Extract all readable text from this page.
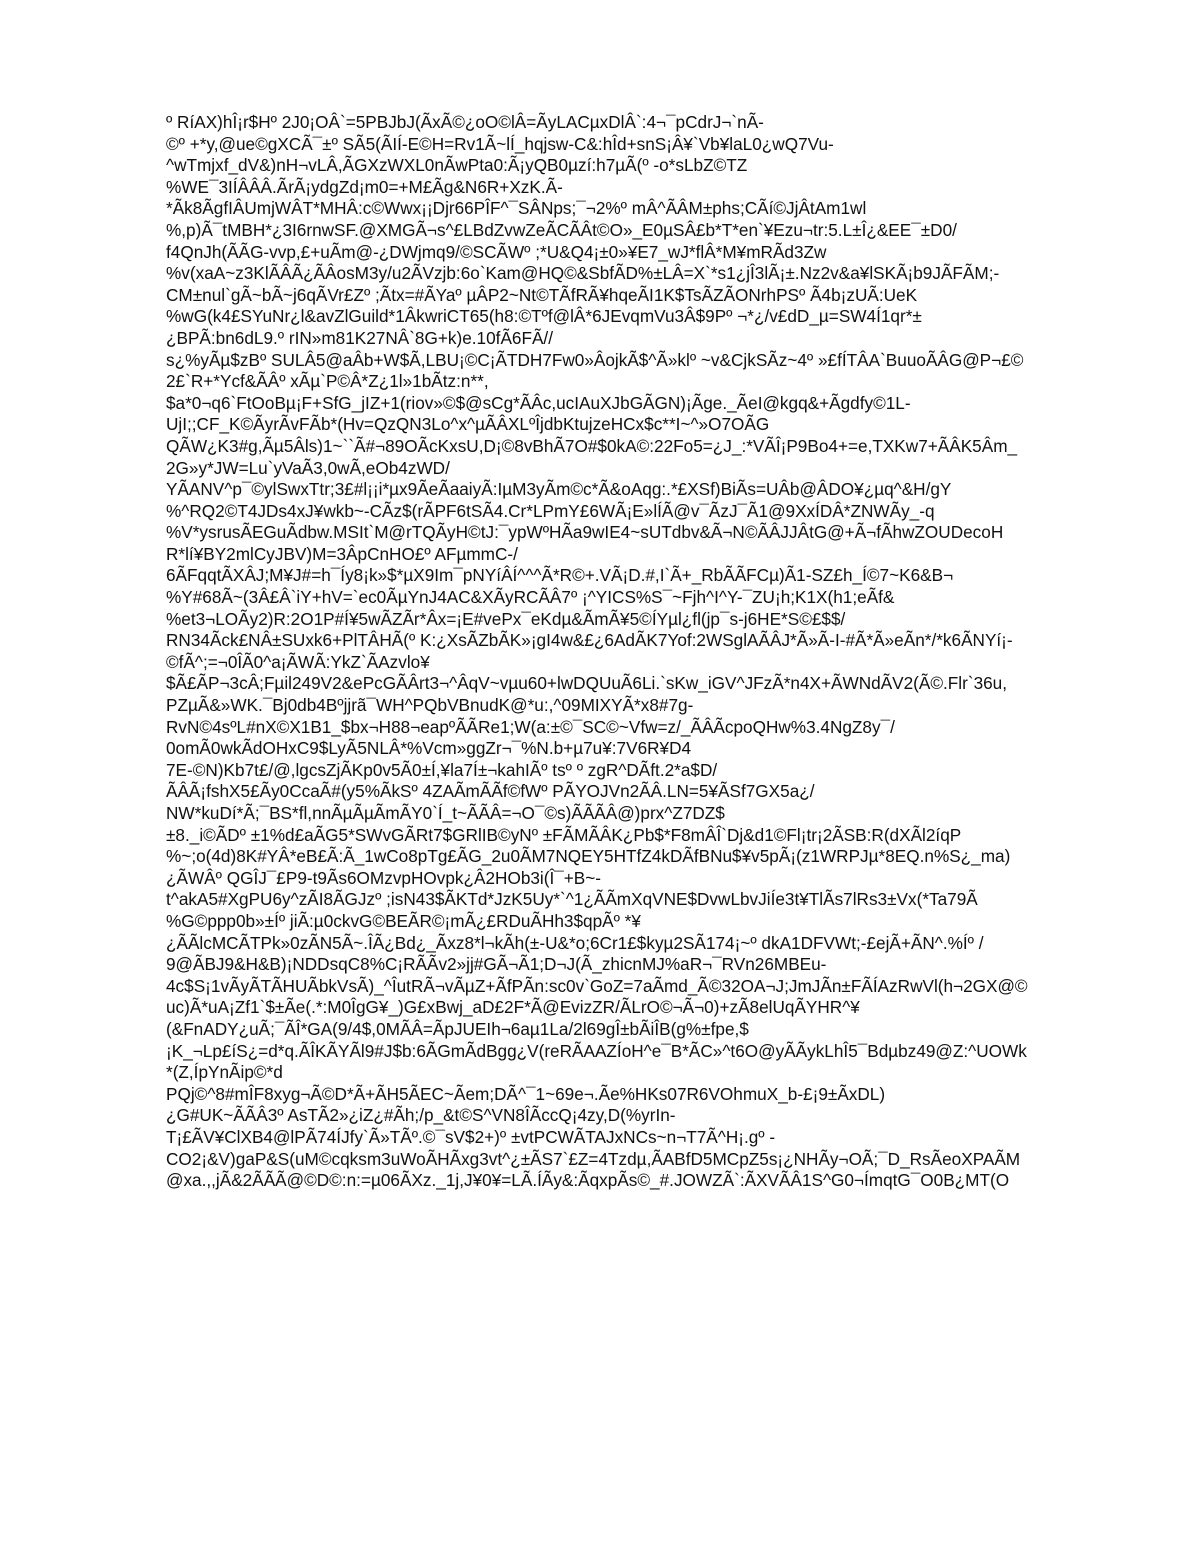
º RíAX)hÎ¡r$Hº 2J0¡OÂ`=5PBJbJ(ÃxÃ©¿oO©lÂ=ÃyLACµxDlÂ`:4¬¯pCdrJ¬`nÃ-
©º +*y,@ue©gXCÃ¯±º SÃ5(ÃIÍ-E©H=Rv1Ã~lÍ_hqjsw-C&:hÎd+snS¡Â¥`Vb¥laL0¿wQ7Vu-
^wTmjxf_dV&)nH¬vLÂ,ÃGXzWXL0nÃwPta0:Ã¡yQB0µzí:h7µÃ(º -o*sLbZ©TZ
%WE¯3IÍÂÂÂ.ÃrÃ¡ydgZd¡m0=+M£Ãg&N6R+XzK.Ã-
*Ãk8ÃgfIÂUmjWÂT*MHÂ:c©Wwx¡¡Djr66PÎF^¯SÂNps;¯¬2%º mÂ^ÃÂM±phs;CÃí©JjÂtAm1wl
%,p)Ã¯tMBH*¿3I6rnwSF.@XMGÃ¬s^£LBdZvwZeÃCÃÂt©O»_E0µSÂ£b*T*en`¥Ezu¬tr:5.L±Î¿&EE¯±D0/
f4QnJh(ÃÃG-vvp,£+uÃm@-¿DWjmq9/©SCÃWº ;*U&Q4¡±0»¥E7_wJ*flÂ*M¥mRÃd3Zw
%v(xaA~z3KlÃÂÃ¿ÃÂosM3y/u2ÃVzjb:6o`Kam@HQ©&SbfÃD%±LÂ=X`*s1¿jÎ3lÃ¡±.Nz2v&a¥lSKÃ¡b9JÃFÃM;-
CM±nul`gÃ~bÃ~j6qÃVr£Zº ;Ãtx=#ÃYaº µÂP2~Nt©TÃfRÃ¥hqeÃI1K$TsÃZÃONrhPSº Ã4b¡zUÃ:UeK
%wG(k4£SYuNr¿l&avZlGuild*1ÂkwriCT65(h8:©Tºf@lÂ*6JEvqmVu3Â$9Pº ¬*¿/v£dD_µ=SW4Í1qr*±
¿BPÃ:bn6dL9.º rIN»m81K27NÂ`8G+k)e.10fÃ6FÃ//
s¿%yÃµ$zBº SULÂ5@aÂb+W$Ã,LBU¡©C¡ÃTDH7Fw0»ÂojkÃ$^Ã»klº ~v&CjkSÃz~4º »£fÍTÂA`BuuoÃÂG@P¬£©
2£`R+*Ycf&ÃÂº xÃµ`P©Â*Z¿1l»1bÃtz:n**,
$a*0¬q6`FtOoBµ¡F+SfG_jIZ+1(riov»©$@sCg*ÃÂc,ucIAuXJbGÃGN)¡Ãge._ÃeI@kgq&+Ãgdfy©1L-
UjI;;CF_K©ÃyrÃvFÃb*(Hv=QzQN3Lo^x^µÃÂXLºÎjdbKtujzeHCx$c**I~^»O7OÃG
QÃW¿K3#g,Ãµ5Âls)1~``Ã#¬89OÃcKxsU,D¡©8vBhÃ7O#$0kA©:22Fo5=¿J_:*VÃÎ¡P9Bo4+=e,TXKw7+ÃÂK5Âm_
2G»y*JW=Lu`yVaÃ3,0wÃ,eOb4zWD/
YÃANV^p¯©ylSwxTtr;3£#l¡¡i*µx9ÃeÃaaiyÃ:IµM3yÃm©c*Ã&oAqg:.*£XSf)BiÃs=UÂb@ÂDO¥¿µq^&H/gY
%^RQ2©T4JDs4xJ¥wkb~-CÃz$(rÃPF6tSÃ4.Cr*LPmY£6WÃ¡E»lÍÃ@v¯ÃzJ¯Ã1@9XxÍDÂ*ZNWÃy_-q
%V*ysrusÃEGuÃdbw.MSIt`M@rTQÃyH©tJ:¯ypWºHÃa9wIE4~sUTdbv&Ã¬N©ÃÂJJÂtG@+Ã¬fÃhwZOUDecoH
R*lí¥BY2mlCyJBV)M=3ÂpCnHO£º AFµmmC-/
6ÃFqqtÃXÂJ;M¥J#=h¯Íy8¡k»$*µX9Im¯pNYíÂÍ^^^Ã*R©+.VÃ¡D.#,I`Ã+_RbÃÃFCµ)Ã1-SZ£h_Í©7~K6&B¬
%Y#68Ã~(3Â£Â`iY+hV=`ec0ÃµYnJ4AC&XÃyRCÃÂ7º ¡^YICS%S¯~Fjh^I^Y-¯ZU¡h;K1X(h1;eÃf&
%et3¬LOÃy2)R:2O1P#Í¥5wÃZÃr*Âx=¡E#vePx¯eKdµ&ÃmÃ¥5©ÍYµl¿fl(jp¯s-j6HE*S©£$$/
RN34Ãck£NÂ±SUxk6+PlTÂHÃ(º K:¿XsÃZbÃK»¡gI4w&£¿6AdÃK7Yof:2WSglAÃÂJ*Ã»Ã-I-#Ã*Ã»eÃn*/*k6ÃNYí¡-
©fÃ^;=¬0ÎÃ0^a¡ÃWÃ:YkZ`ÃAzvlo¥
$Ã£ÃP¬3cÂ;Fµil249V2&ePcGÃÂrt3¬^ÂqV~vµu60+lwDQUuÃ6Li.`sKw_iGV^JFzÃ*n4X+ÃWNdÃV2(Ã©.Flr`36u,
PZµÃ&»WK.¯Bj0db4Bºjjrã¯WH^PQbVBnudK@*u:,^09MIXYÃ*x8#7g-
RvN©4sºL#nX©X1B1_$bx¬H88¬eapºÃÃRe1;W(a:±©¯SC©~Vfw=z/_ÃÂÃcpoQHw%3.4NgZ8y¯/
0omÃ0wkÃdOHxC9$LyÃ5NLÂ*%Vcm»ggZr¬¯%N.b+µ7u¥:7V6R¥D4
7E-©N)Kb7t£/@,lgcsZjÃKp0v5Ã0±Í,¥la7Í±¬kahIÃº tsº º zgR^DÃft.2*a$D/
ÃÂÃ¡fshX5£Ãy0CcaÃ#(y5%ÃkSº 4ZAÃmÃÃf©fWº PÃYOJVn2ÃÂ.LN=5¥ÃSf7GX5a¿/
NW*kuDí*Ã;¯BS*fl,nnÃµÃµÃmÃY0`Í_t~ÃÃÂ=¬O¯©s)ÃÃÃÂ@)prx^Z7DZ$
±8._i©ÃDº ±1%d£aÃG5*SWvGÃRt7$GRlIB©yNº ±FÃMÃÂK¿Pb$*F8mÂÎ`Dj&d1©Fl¡tr¡2ÃSB:R(dXÃl2íqP
%~;o(4d)8K#YÂ*eB£Ã:Ã_1wCo8pTg£ÃG_2u0ÃM7NQEY5HTfZ4kDÃfBNu$¥v5pÃ¡(z1WRPJµ*8EQ.n%S¿_ma)
¿ÃWÂº QGÎJ¯£P9-t9Ãs6OMzvpHOvpk¿Â2HOb3i(Î¯+B~-
t^akA5#XgPU6y^zÃI8ÃGJzº ;isN43$ÃKTd*JzK5Uy*`^1¿ÃÃmXqVNE$DvwLbvJiÍe3t¥TlÃs7lRs3±Vx(*Ta79Ã
%G©ppp0b»±Íº jiÃ:µ0ckvG©BEÃR©¡mÃ¿£RDuÃHh3$qpÃº *¥
¿ÃÃlcMCÃTPk»0zÃN5Ã~.ÎÃ¿Bd¿_Ãxz8*l¬kÃh(±-U&*o;6Cr1£$kyµ2SÃ174¡~º dkA1DFVWt;-£ejÃ+ÃN^.%Íº /
9@ÃBJ9&H&B)¡NDDsqC8%C¡RÃÃv2»jj#GÃ¬Ã1;D¬J(Ã_zhicnMJ%aR¬¯RVn26MBEu-
4c$S¡1vÃyÃTÃHUÃbkVsÃ)_^ÎutRÃ¬vÃµZ+ÃfPÃn:sc0v`GoZ=7aÃmd_Ã©32OA¬J;JmJÃn±FÃÍAzRwVl(h¬2GX@©
uc)Ã*uA¡Zf1`$±Ãe(.*:M0ÎgG¥_)G£xBwj_aD£2F*Ã@EvizZR/ÃLrO©¬Ã¬0)+zÃ8elUqÃYHR^¥
(&FnADY¿uÃ;¯ÃÎ*GA(9/4$,0MÃÂ=ÃpJUEIh¬6aµ1La/2l69gÎ±bÃiÎB(g%±fpe,$
¡K_¬Lp£íS¿=d*q.ÃÎKÃYÃl9#J$b:6ÃGmÃdBgg¿V(reRÃAAZÍoH^e¯B*ÃC»^t6O@yÃÃykLhÎ5¯Bdµbz49@Z:^UOWk
*(Z,ÍpYnÃip©*d
PQj©^8#mÎF8xyg¬Ã©D*Ã+ÃH5ÃEC~Ãem;DÃ^¯1~69e¬.Ãe%HKs07R6VOhmuX_b-£¡9±ÃxDL)
¿G#UK~ÃÃÂ3º AsTÃ2»¿iZ¿#Ãh;/p_&t©S^VN8ÎÃccQ¡4zy,D(%yrIn-
T¡£ÃV¥ClXB4@lPÃ74ÍJfy`Ã»TÃº.©¯sV$2+)º ±vtPCWÃTAJxNCs~n¬T7Ã^H¡.gº -
CO2¡&V)gaP&S(uM©cqksm3uWoÃHÃxg3vt^¿±ÃS7`£Z=4Tzdµ,ÃABfD5MCpZ5s¡¿NHÃy¬OÃ;¯D_RsÃeoXPAÃM
@xa.,,jÃ&2ÃÃÃ@©D©:n:=µ06ÃXz._1j,J¥0¥=LÃ.ÍÃy&:ÃqxpÃs©_#.JOWZÃ`:ÃXVÃÂ1S^G0¬ÍmqtG¯O0B¿MT(O
